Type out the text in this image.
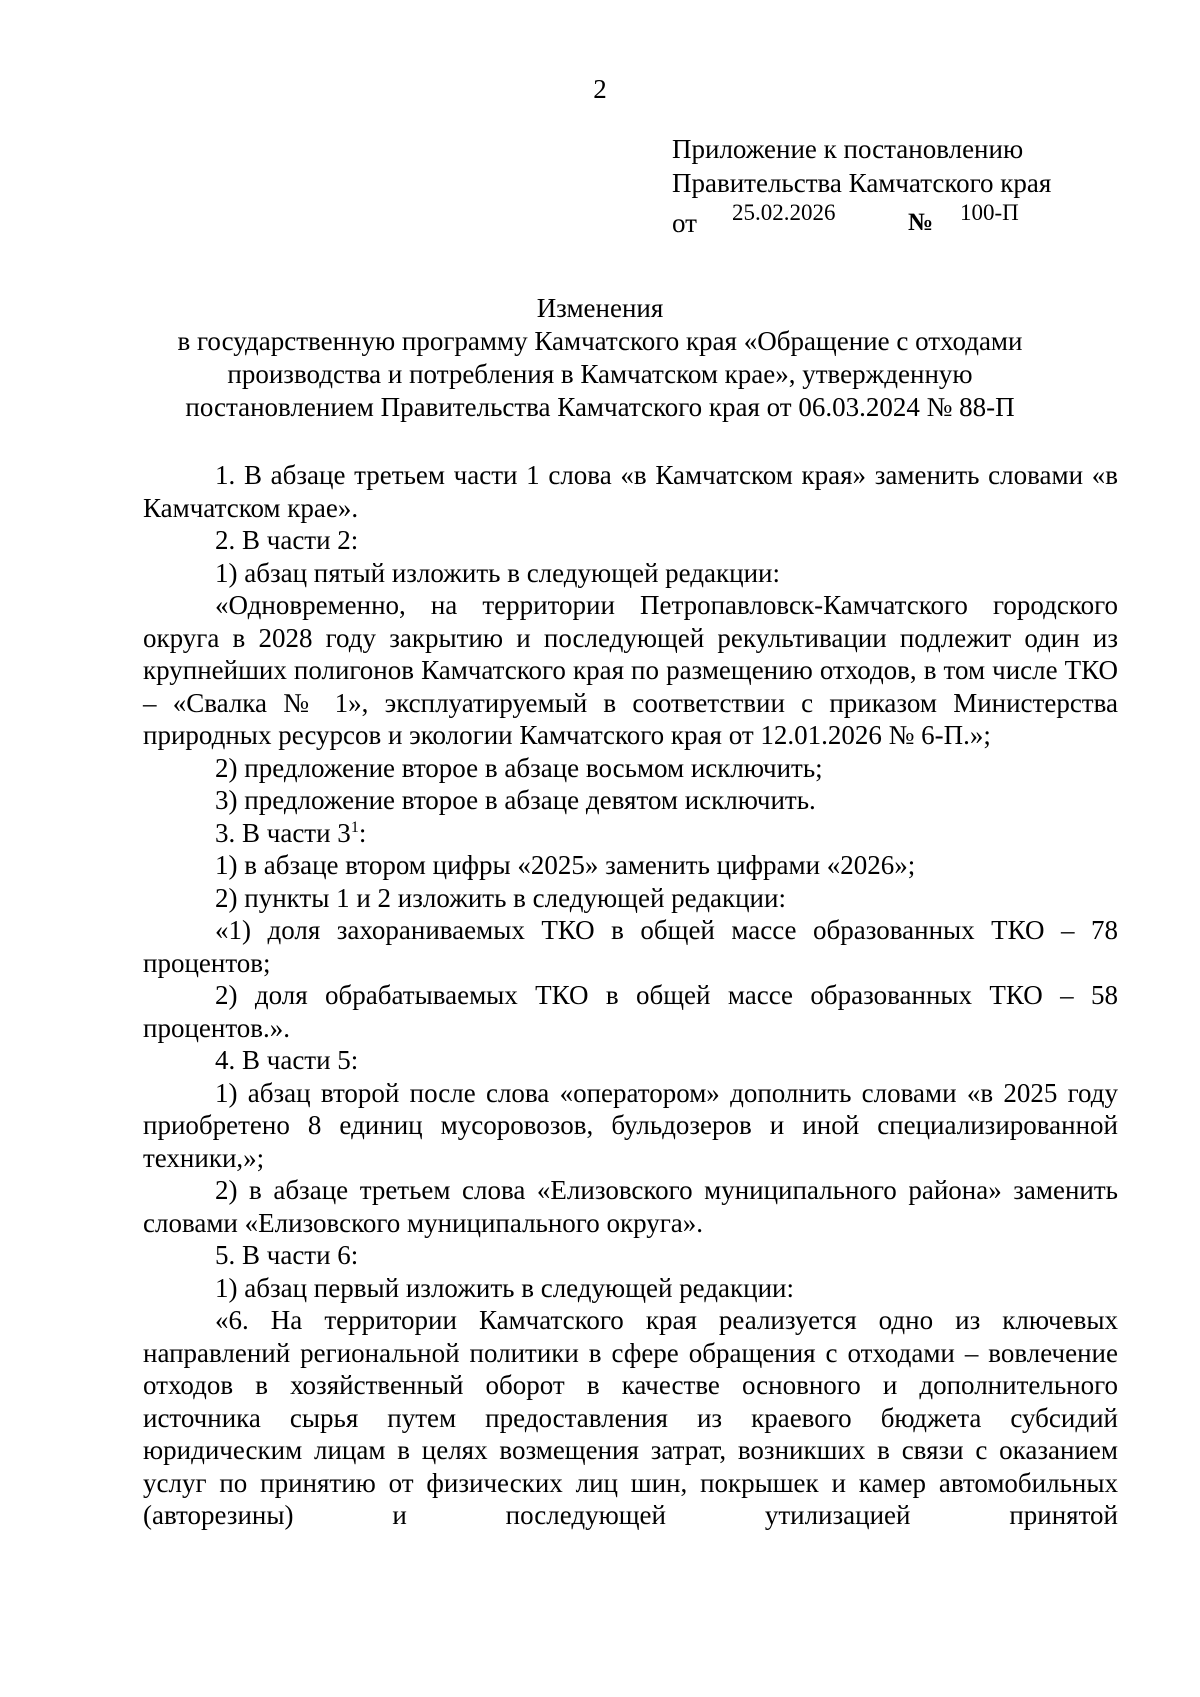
2
Приложение к постановлению
Правительства Камчатского края
от 25.02.2026	№ 100-П
Изменения
в государственную программу Камчатского края «Обращение с отходами
производства и потребления в Камчатском крае», утвержденную
постановлением Правительства Камчатского края от 06.03.2024 № 88-П

1. В абзаце третьем части 1 слова «в Камчатском края» заменить словами «в Камчатском крае».

2. В части 2:

1) абзац пятый изложить в следующей редакции:

«Одновременно, на территории Петропавловск-Камчатского городского округа в 2028 году закрытию и последующей рекультивации подлежит один из крупнейших полигонов Камчатского края по размещению отходов, в том числе ТКО – «Свалка № 1», эксплуатируемый в соответствии с приказом Министерства природных ресурсов и экологии Камчатского края от 12.01.2026 № 6-П.»;

2) предложение второе в абзаце восьмом исключить;

3) предложение второе в абзаце девятом исключить.

3. В части $3^1$:

1) в абзаце втором цифры «2025» заменить цифрами «2026»;

2) пункты 1 и 2 изложить в следующей редакции:

«1) доля захораниваемых ТКО в общей массе образованных ТКО – 78 процентов;

2) доля обрабатываемых ТКО в общей массе образованных ТКО – 58 процентов.».

4. В части 5:

1) абзац второй после слова «оператором» дополнить словами «в 2025 году приобретено 8 единиц мусоровозов, бульдозеров и иной специализированной техники,»;

2) в абзаце третьем слова «Елизовского муниципального района» заменить словами «Елизовского муниципального округа».

5. В части 6:

1) абзац первый изложить в следующей редакции:

«6. На территории Камчатского края реализуется одно из ключевых направлений региональной политики в сфере обращения с отходами – вовлечение отходов в хозяйственный оборот в качестве основного и дополнительного источника сырья путем предоставления из краевого бюджета субсидий юридическим лицам в целях возмещения затрат, возникших в связи с оказанием услуг по принятию от физических лиц шин, покрышек и камер автомобильных (авторезины) и последующей утилизацией принятой
